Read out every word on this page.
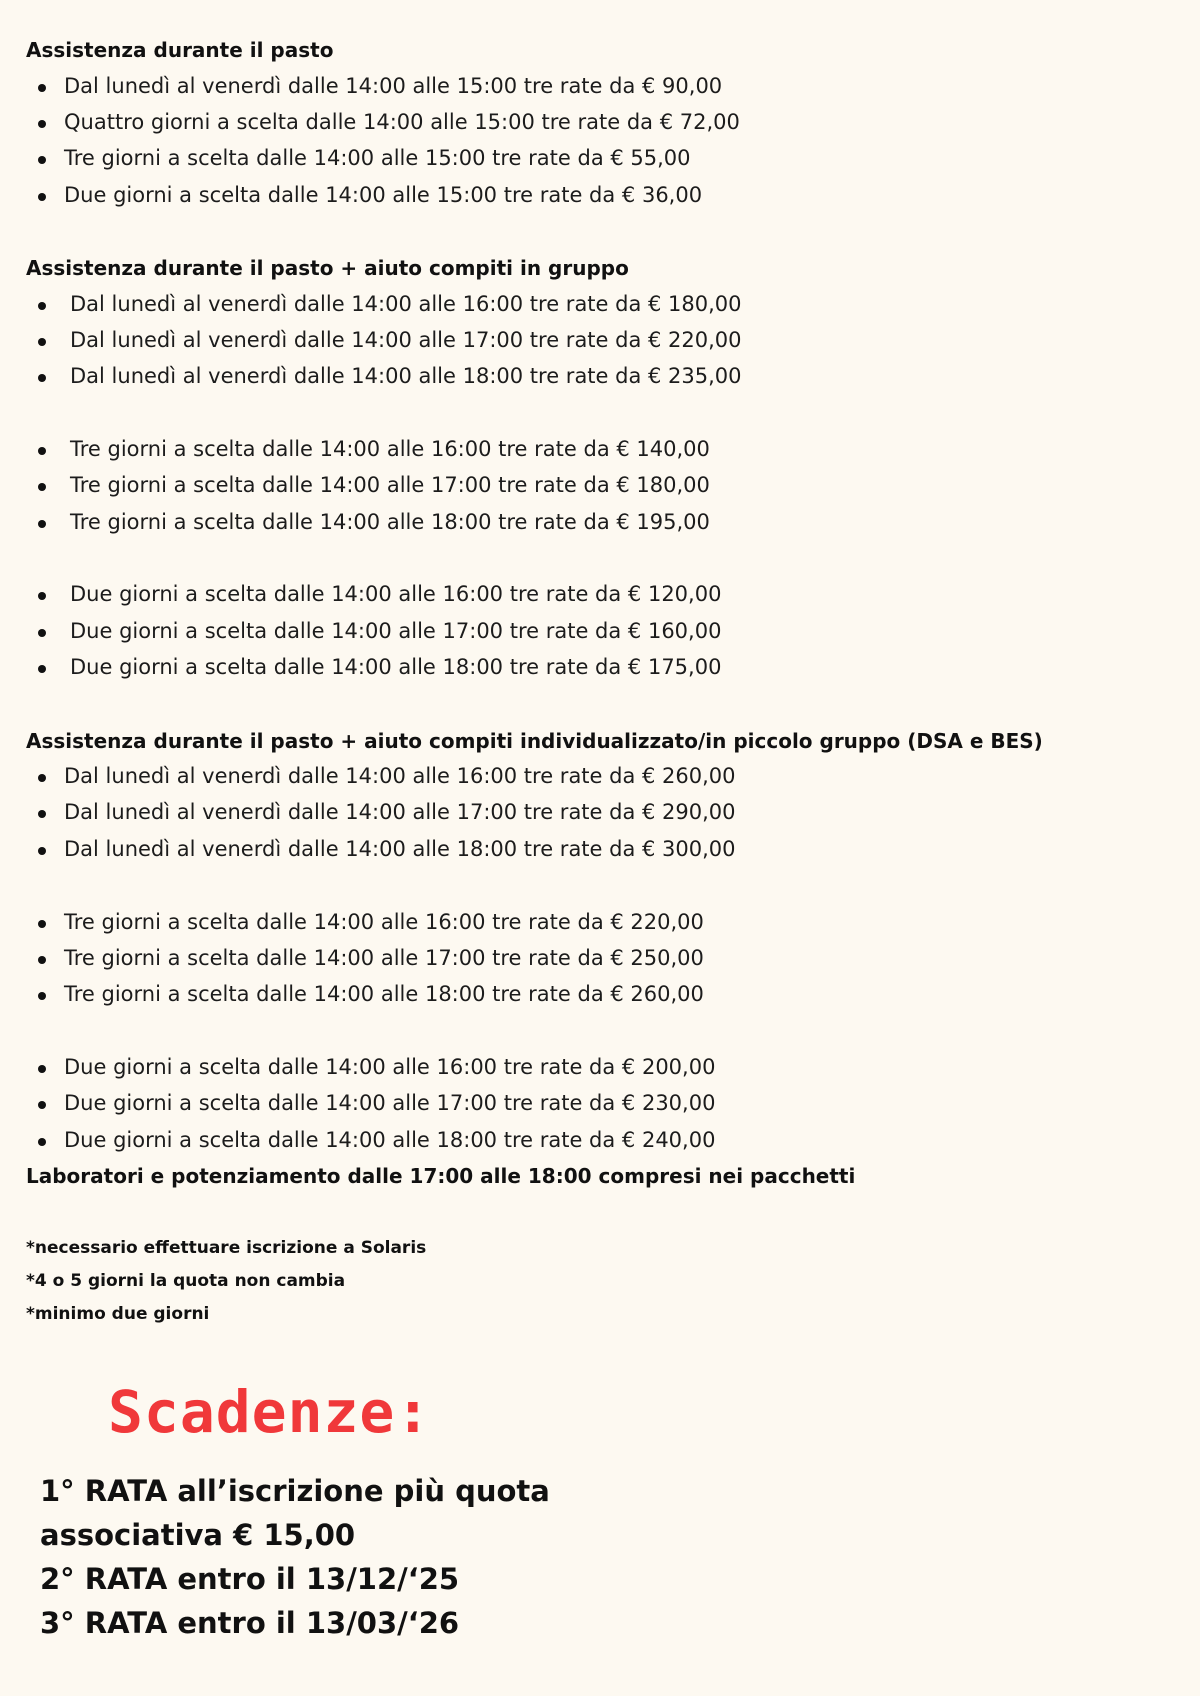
Assistenza durante il pasto
Dal lunedì al venerdì dalle 14:00 alle 15:00 tre rate da € 90,00
Quattro giorni a scelta dalle 14:00 alle 15:00 tre rate da € 72,00
Tre giorni a scelta dalle 14:00 alle 15:00 tre rate da € 55,00
Due giorni a scelta dalle 14:00 alle 15:00 tre rate da € 36,00
Assistenza durante il pasto + aiuto compiti in gruppo
Dal lunedì al venerdì dalle 14:00 alle 16:00 tre rate da € 180,00
Dal lunedì al venerdì dalle 14:00 alle 17:00 tre rate da € 220,00
Dal lunedì al venerdì dalle 14:00 alle 18:00 tre rate da € 235,00
Tre giorni a scelta dalle 14:00 alle 16:00 tre rate da € 140,00
Tre giorni a scelta dalle 14:00 alle 17:00 tre rate da € 180,00
Tre giorni a scelta dalle 14:00 alle 18:00 tre rate da € 195,00
Due giorni a scelta dalle 14:00 alle 16:00 tre rate da € 120,00
Due giorni a scelta dalle 14:00 alle 17:00 tre rate da € 160,00
Due giorni a scelta dalle 14:00 alle 18:00 tre rate da € 175,00
Assistenza durante il pasto + aiuto compiti individualizzato/in piccolo gruppo (DSA e BES)
Dal lunedì al venerdì dalle 14:00 alle 16:00 tre rate da € 260,00
Dal lunedì al venerdì dalle 14:00 alle 17:00 tre rate da € 290,00
Dal lunedì al venerdì dalle 14:00 alle 18:00 tre rate da € 300,00
Tre giorni a scelta dalle 14:00 alle 16:00 tre rate da € 220,00
Tre giorni a scelta dalle 14:00 alle 17:00 tre rate da € 250,00
Tre giorni a scelta dalle 14:00 alle 18:00 tre rate da € 260,00
Due giorni a scelta dalle 14:00 alle 16:00 tre rate da € 200,00
Due giorni a scelta dalle 14:00 alle 17:00 tre rate da € 230,00
Due giorni a scelta dalle 14:00 alle 18:00 tre rate da € 240,00
Laboratori e potenziamento dalle 17:00 alle 18:00 compresi nei pacchetti
*necessario effettuare iscrizione a Solaris
*4 o 5 giorni la quota non cambia
*minimo due giorni
Scadenze:
1° RATA all’iscrizione più quota
associativa € 15,00
2° RATA entro il 13/12/‘25
3° RATA entro il 13/03/‘26
